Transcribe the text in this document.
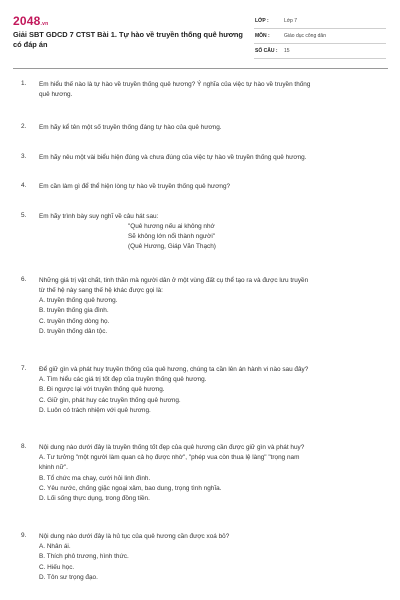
2048.vn
Giải SBT GDCD 7 CTST Bài 1. Tự hào về truyền thống quê hương có đáp án
LỚP :	Lớp 7
MÔN :	Giáo dục công dân
SỐ CÂU : 15
1. Em hiểu thế nào là tự hào về truyền thống quê hương? Ý nghĩa của việc tự hào về truyền thống
quê hương.
2. Em hãy kể tên một số truyền thống đáng tự hào của quê hương.
3. Em hãy nêu một vài biểu hiện đúng và chưa đúng của việc tự hào về truyền thống quê hương.
4. Em cần làm gì để thể hiện lòng tự hào về truyền thống quê hương?
5. Em hãy trình bày suy nghĩ về câu hát sau:
"Quê hương nếu ai không nhớ
Sẽ không lớn nổi thành người"
(Quê Hương, Giáp Văn Thạch)
6. Những giá trị vật chất, tinh thần mà người dân ở một vùng đất cụ thể tạo ra và được lưu truyền
từ thế hệ này sang thế hệ khác được gọi là:
A. truyền thống quê hương.
B. truyền thống gia đình.
C. truyền thống dòng họ.
D. truyền thống dân tộc.
7. Để giữ gìn và phát huy truyền thống của quê hương, chúng ta cần lên án hành vi nào sau đây?
A. Tìm hiểu các giá trị tốt đẹp của truyền thống quê hương.
B. Đi ngược lại với truyền thống quê hương.
C. Giữ gìn, phát huy các truyền thống quê hương.
D. Luôn có trách nhiệm với quê hương.
8. Nội dung nào dưới đây là truyền thống tốt đẹp của quê hương cần được giữ gìn và phát huy?
A. Tư tưởng "một người làm quan cả họ được nhờ", "phép vua còn thua lệ làng" "trọng nam
khinh nữ".
B. Tổ chức ma chay, cưới hỏi linh đình.
C. Yêu nước, chống giặc ngoại xâm, bao dung, trọng tình nghĩa.
D. Lối sống thực dụng, trong đồng tiền.
9. Nội dung nào dưới đây là hủ tục của quê hương cần được xoá bỏ?
A. Nhân ái.
B. Thích phô trương, hình thức.
C. Hiếu học.
D. Tôn sư trọng đạo.
